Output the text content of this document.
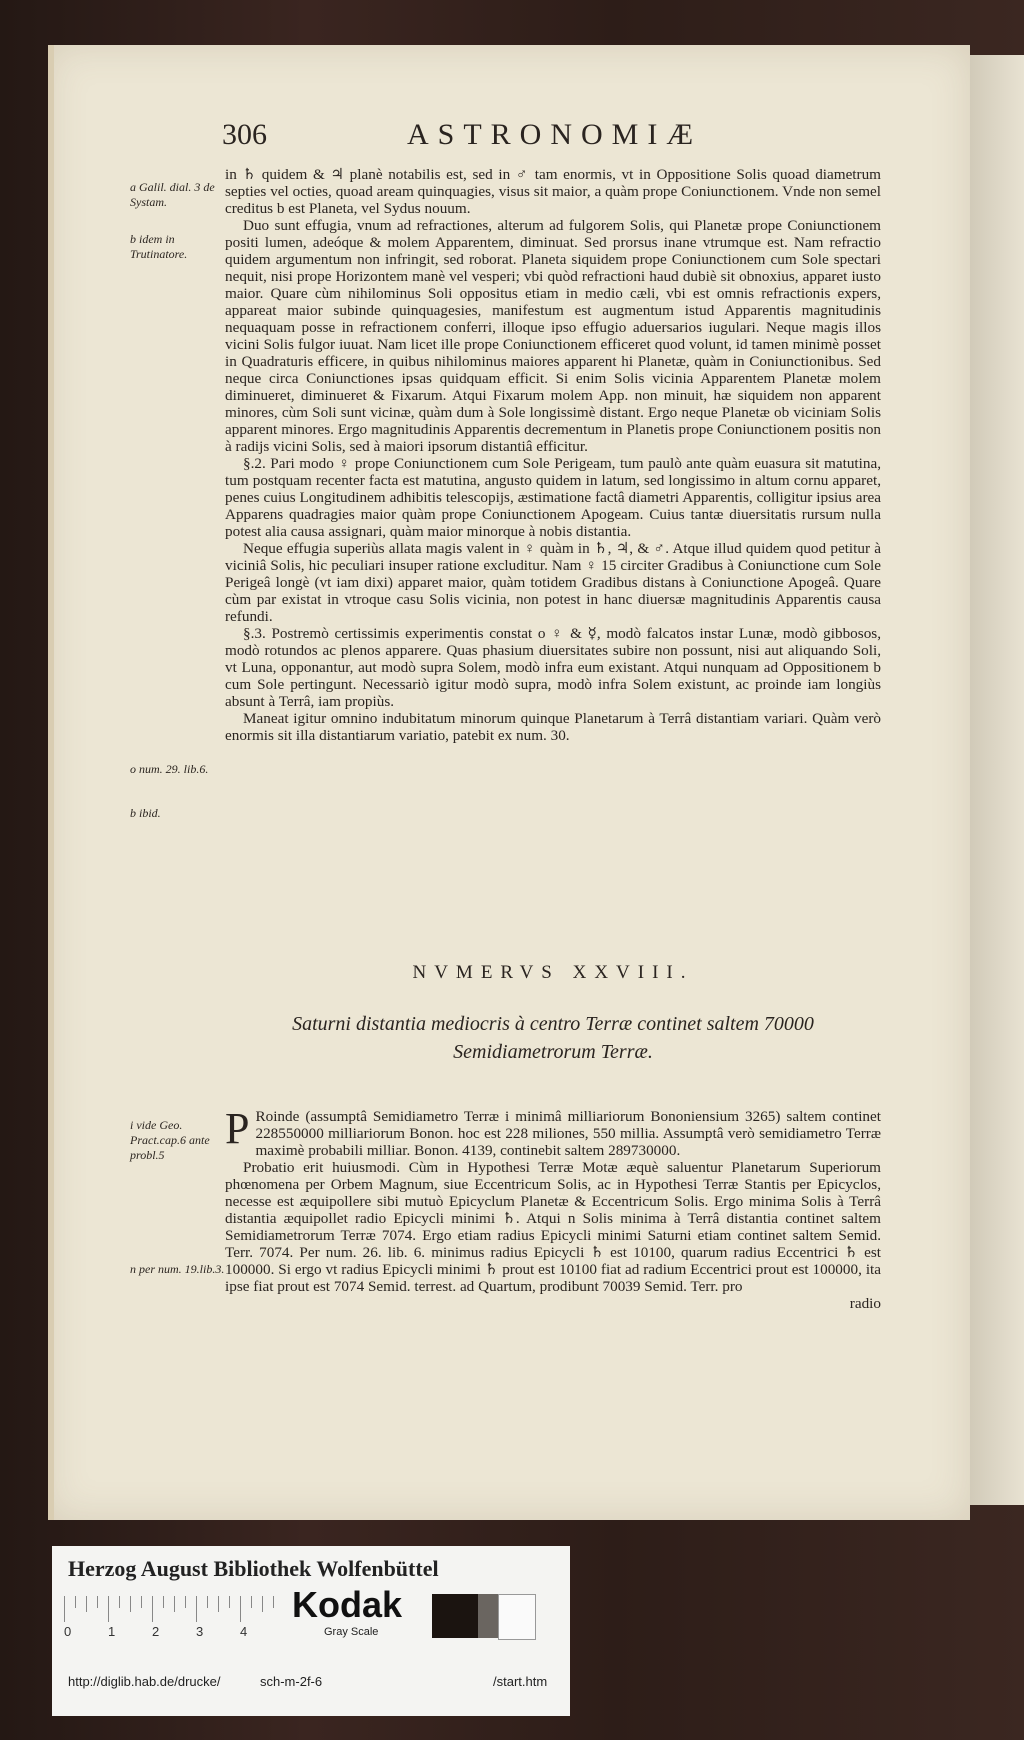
306	ASTRONOMIÆ
a Galil. dial. 3 de Systam.
b idem in Trutinatore.
o num. 29. lib.6.
b ibid.
i vide Geo. Pract.cap.6 ante probl.5
n per num. 19.lib.3.

in ♄ quidem & ♃ planè notabilis est, sed in ♂ tam enormis, vt in Oppositione Solis quoad diametrum septies vel octies, quoad aream quinquagies, visus sit maior, a quàm prope Coniunctionem. Vnde non semel creditus b est Planeta, vel Sydus nouum.

Duo sunt effugia, vnum ad refractiones, alterum ad fulgorem Solis, qui Planetæ prope Coniunctionem positi lumen, adeóque & molem Apparentem, diminuat. Sed prorsus inane vtrumque est. Nam refractio quidem argumentum non infringit, sed roborat. Planeta siquidem prope Coniunctionem cum Sole spectari nequit, nisi prope Horizontem manè vel vesperi; vbi quòd refractioni haud dubiè sit obnoxius, apparet iusto maior. Quare cùm nihilominus Soli oppositus etiam in medio cæli, vbi est omnis refractionis expers, appareat maior subinde quinquagesies, manifestum est augmentum istud Apparentis magnitudinis nequaquam posse in refractionem conferri, illoque ipso effugio aduersarios iugulari. Neque magis illos vicini Solis fulgor iuuat. Nam licet ille prope Coniunctionem efficeret quod volunt, id tamen minimè posset in Quadraturis efficere, in quibus nihilominus maiores apparent hi Planetæ, quàm in Coniunctionibus. Sed neque circa Coniunctiones ipsas quidquam efficit. Si enim Solis vicinia Apparentem Planetæ molem diminueret, diminueret & Fixarum. Atqui Fixarum molem App. non minuit, hæ siquidem non apparent minores, cùm Soli sunt vicinæ, quàm dum à Sole longissimè distant. Ergo neque Planetæ ob viciniam Solis apparent minores. Ergo magnitudinis Apparentis decrementum in Planetis prope Coniunctionem positis non à radijs vicini Solis, sed à maiori ipsorum distantiâ efficitur.

§.2. Pari modo ♀ prope Coniunctionem cum Sole Perigeam, tum paulò ante quàm euasura sit matutina, tum postquam recenter facta est matutina, angusto quidem in latum, sed longissimo in altum cornu apparet, penes cuius Longitudinem adhibitis telescopijs, æstimatione factâ diametri Apparentis, colligitur ipsius area Apparens quadragies maior quàm prope Coniunctionem Apogeam. Cuius tantæ diuersitatis rursum nulla potest alia causa assignari, quàm maior minorque à nobis distantia.

Neque effugia superiùs allata magis valent in ♀ quàm in ♄, ♃, & ♂. Atque illud quidem quod petitur à viciniâ Solis, hic peculiari insuper ratione excluditur. Nam ♀ 15 circiter Gradibus à Coniunctione cum Sole Perigeâ longè (vt iam dixi) apparet maior, quàm totidem Gradibus distans à Coniunctione Apogeâ. Quare cùm par existat in vtroque casu Solis vicinia, non potest in hanc diuersæ magnitudinis Apparentis causa refundi.

§.3. Postremò certissimis experimentis constat o ♀ & ☿, modò falcatos instar Lunæ, modò gibbosos, modò rotundos ac plenos apparere. Quas phasium diuersitates subire non possunt, nisi aut aliquando Soli, vt Luna, opponantur, aut modò supra Solem, modò infra eum existant. Atqui nunquam ad Oppositionem b cum Sole pertingunt. Necessariò igitur modò supra, modò infra Solem existunt, ac proinde iam longiùs absunt à Terrâ, iam propiùs.

Maneat igitur omnino indubitatum minorum quinque Planetarum à Terrâ distantiam variari. Quàm verò enormis sit illa distantiarum variatio, patebit ex num. 30.

NVMERVS XXVIII.
Saturni distantia mediocris à centro Terræ continet saltem 70000 Semidiametrorum Terræ.

P Roinde (assumptâ Semidiametro Terræ i minimâ milliariorum Bononiensium 3265) saltem continet 228550000 milliariorum Bonon. hoc est 228 miliones, 550 millia. Assumptâ verò semidiametro Terræ maximè probabili milliar. Bonon. 4139, continebit saltem 289730000.

Probatio erit huiusmodi. Cùm in Hypothesi Terræ Motæ æquè saluentur Planetarum Superiorum phœnomena per Orbem Magnum, siue Eccentricum Solis, ac in Hypothesi Terræ Stantis per Epicyclos, necesse est æquipollere sibi mutuò Epicyclum Planetæ & Eccentricum Solis. Ergo minima Solis à Terrâ distantia æquipollet radio Epicycli minimi ♄. Atqui n Solis minima à Terrâ distantia continet saltem Semidiametrorum Terræ 7074. Ergo etiam radius Epicycli minimi Saturni etiam continet saltem Semid. Terr. 7074. Per num. 26. lib. 6. minimus radius Epicycli ♄ est 10100, quarum radius Eccentrici ♄ est 100000. Si ergo vt radius Epicycli minimi ♄ prout est 10100 fiat ad radium Eccentrici prout est 100000, ita ipse fiat prout est 7074 Semid. terrest. ad Quartum, prodibunt 70039 Semid. Terr. pro

radio

Herzog August Bibliothek Wolfenbüttel
0	1	2	3	4
Kodak
Gray Scale
http://diglib.hab.de/drucke/	sch-m-2f-6	/start.htm
